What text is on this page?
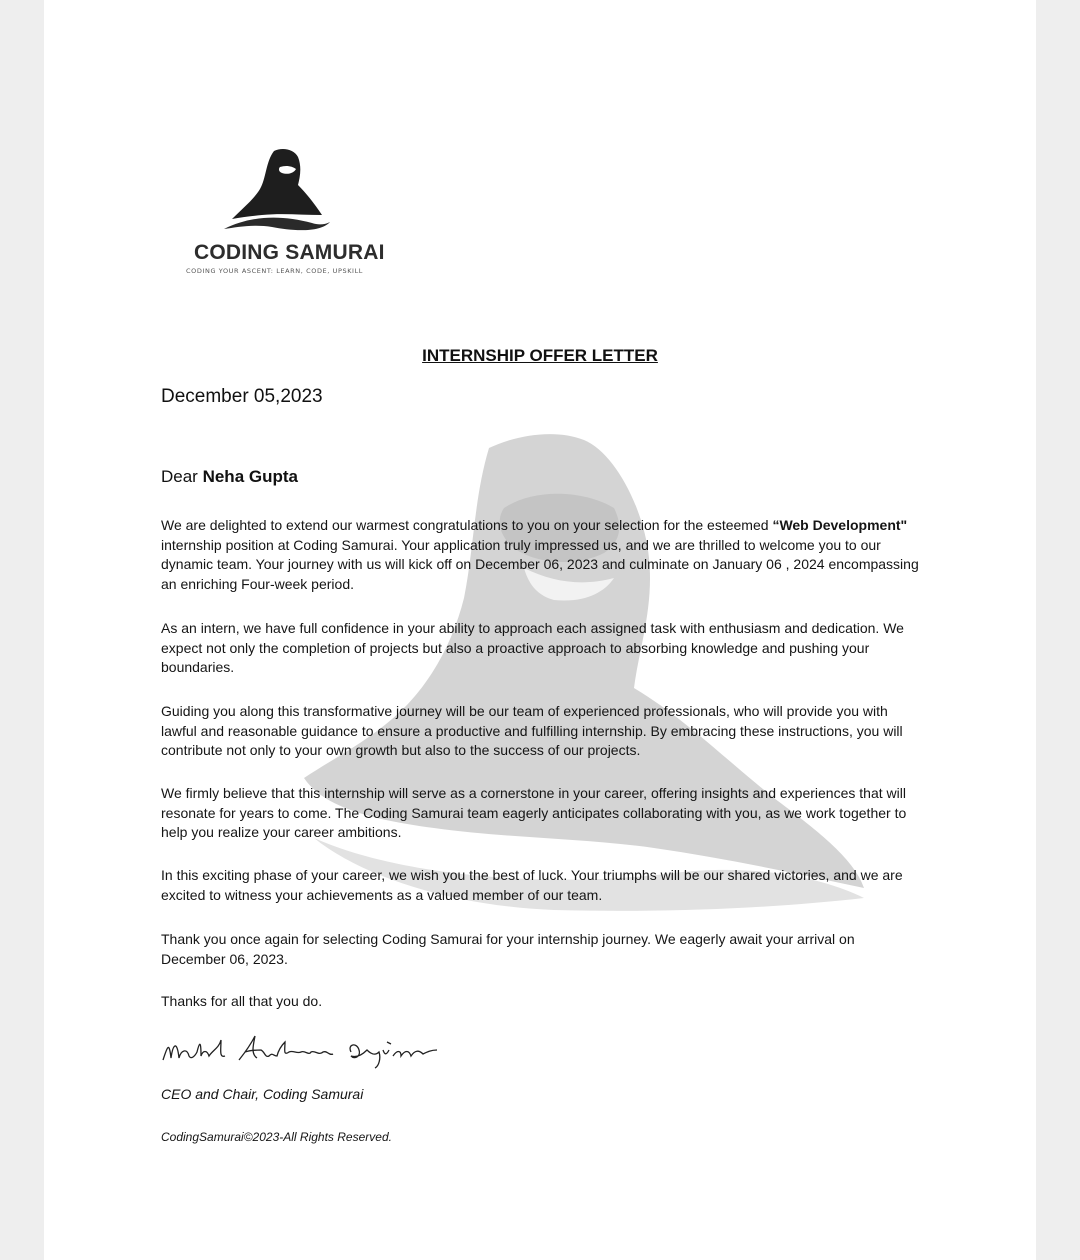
CODING SAMURAI
CODING YOUR ASCENT: LEARN, CODE, UPSKILL
INTERNSHIP OFFER LETTER
December 05,2023
Dear Neha Gupta
We are delighted to extend our warmest congratulations to you on your selection for the esteemed “Web Development" internship position at Coding Samurai. Your application truly impressed us, and we are thrilled to welcome you to our dynamic team. Your journey with us will kick off on December 06, 2023 and culminate on January 06 , 2024 encompassing an enriching Four-week period.
As an intern, we have full confidence in your ability to approach each assigned task with enthusiasm and dedication. We expect not only the completion of projects but also a proactive approach to absorbing knowledge and pushing your boundaries.
Guiding you along this transformative journey will be our team of experienced professionals, who will provide you with lawful and reasonable guidance to ensure a productive and fulfilling internship. By embracing these instructions, you will contribute not only to your own growth but also to the success of our projects.
We firmly believe that this internship will serve as a cornerstone in your career, offering insights and experiences that will resonate for years to come. The Coding Samurai team eagerly anticipates collaborating with you, as we work together to help you realize your career ambitions.
In this exciting phase of your career, we wish you the best of luck. Your triumphs will be our shared victories, and we are excited to witness your achievements as a valued member of our team.
Thank you once again for selecting Coding Samurai for your internship journey. We eagerly await your arrival on December 06, 2023.
Thanks for all that you do.
CEO and Chair, Coding Samurai
CodingSamurai©2023-All Rights Reserved.
